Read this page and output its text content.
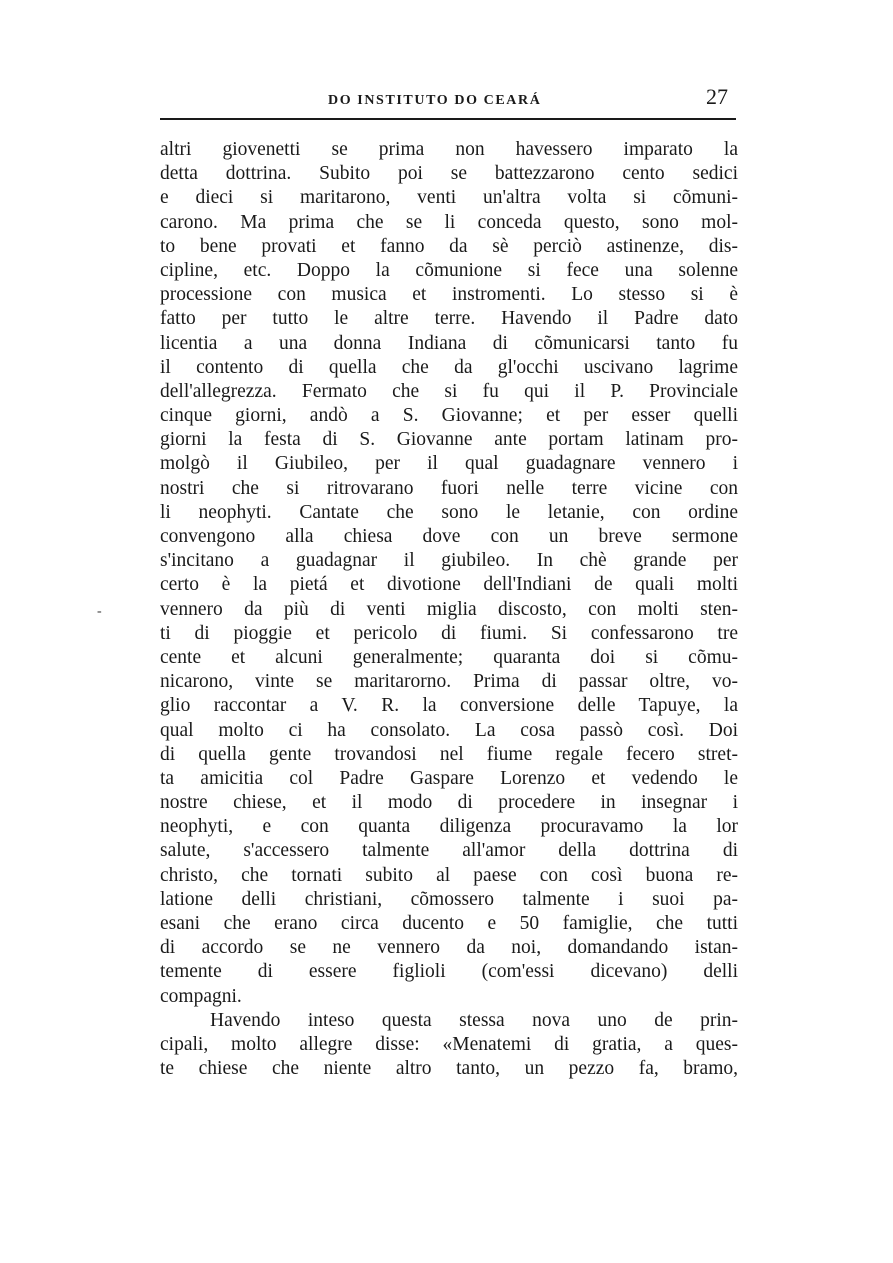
DO INSTITUTO DO CEARÁ	27
-
altri giovenetti se prima non havessero imparato la
detta dottrina. Subito poi se battezzarono cento sedici
e dieci si maritarono, venti un'altra volta si cõmuni-
carono. Ma prima che se li conceda questo, sono mol-
to bene provati et fanno da sè perciò astinenze, dis-
cipline, etc. Doppo la cõmunione si fece una solenne
processione con musica et instromenti. Lo stesso si è
fatto per tutto le altre terre. Havendo il Padre dato
licentia a una donna Indiana di cõmunicarsi tanto fu
il contento di quella che da gl'occhi uscivano lagrime
dell'allegrezza. Fermato che si fu qui il P. Provinciale
cinque giorni, andò a S. Giovanne; et per esser quelli
giorni la festa di S. Giovanne ante portam latinam pro-
molgò il Giubileo, per il qual guadagnare vennero i
nostri che si ritrovarano fuori nelle terre vicine con
li neophyti. Cantate che sono le letanie, con ordine
convengono alla chiesa dove con un breve sermone
s'incitano a guadagnar il giubileo. In chè grande per
certo è la pietá et divotione dell'Indiani de quali molti
vennero da più di venti miglia discosto, con molti sten-
ti di pioggie et pericolo di fiumi. Si confessarono tre
cente et alcuni generalmente; quaranta doi si cõmu-
nicarono, vinte se maritarorno. Prima di passar oltre, vo-
glio raccontar a V. R. la conversione delle Tapuye, la
qual molto ci ha consolato. La cosa passò così. Doi
di quella gente trovandosi nel fiume regale fecero stret-
ta amicitia col Padre Gaspare Lorenzo et vedendo le
nostre chiese, et il modo di procedere in insegnar i
neophyti, e con quanta diligenza procuravamo la lor
salute, s'accessero talmente all'amor della dottrina di
christo, che tornati subito al paese con così buona re-
latione delli christiani, cõmossero talmente i suoi pa-
esani che erano circa ducento e 50 famiglie, che tutti
di accordo se ne vennero da noi, domandando istan-
temente di essere figlioli (com'essi dicevano) delli
compagni.
Havendo inteso questa stessa nova uno de prin-
cipali, molto allegre disse: «Menatemi di gratia, a ques-
te chiese che niente altro tanto, un pezzo fa, bramo,
